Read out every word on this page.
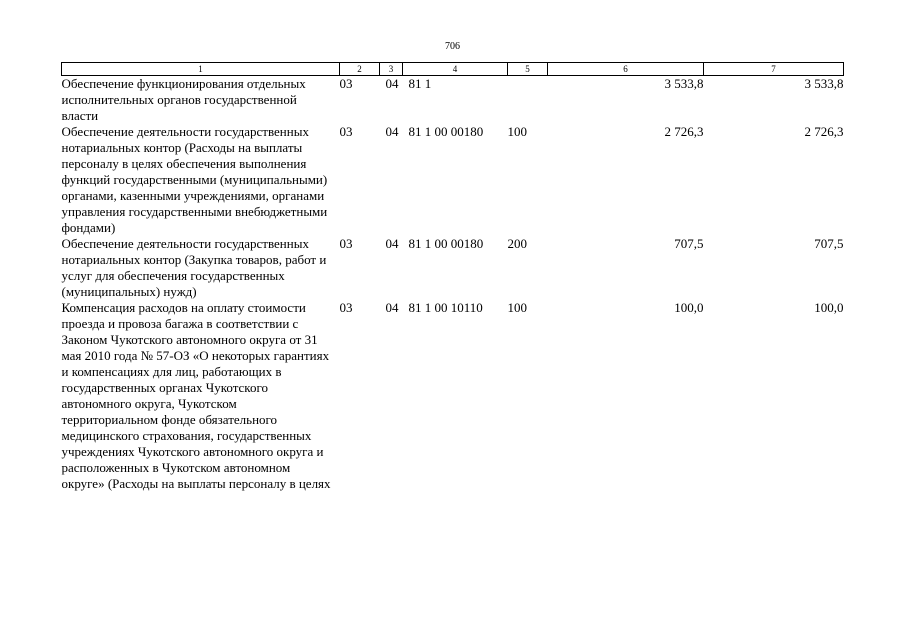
706
1	2	3	4	5	6	7
Обеспечение функционирования отдельных исполнительных органов государственной власти	03	04	81 1		3 533,8	3 533,8
Обеспечение деятельности государственных нотариальных контор (Расходы на выплаты персоналу в целях обеспечения выполнения функций государственными (муниципальными) органами, казенными учреждениями, органами управления государственными внебюджетными фондами)	03	04	81 1 00 00180	100	2 726,3	2 726,3
Обеспечение деятельности государственных нотариальных контор (Закупка товаров, работ и услуг для обеспечения государственных (муниципальных) нужд)	03	04	81 1 00 00180	200	707,5	707,5
Компенсация расходов на оплату стоимости проезда и провоза багажа в соответствии с Законом Чукотского автономного округа от 31 мая 2010 года № 57-ОЗ «О некоторых гарантиях и компенсациях для лиц, работающих в государственных органах Чукотского автономного округа, Чукотском территориальном фонде обязательного медицинского страхования, государственных учреждениях Чукотского автономного округа и расположенных в Чукотском автономном округе» (Расходы на выплаты персоналу в целях	03	04	81 1 00 10110	100	100,0	100,0
